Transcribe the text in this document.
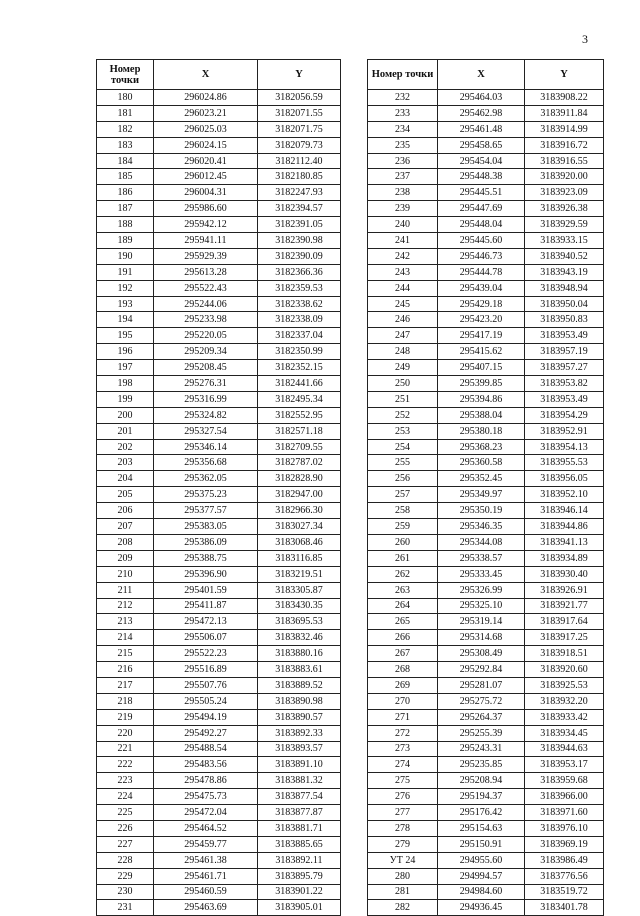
3
Номер точки	X	Y
180	296024.86	3182056.59
181	296023.21	3182071.55
182	296025.03	3182071.75
183	296024.15	3182079.73
184	296020.41	3182112.40
185	296012.45	3182180.85
186	296004.31	3182247.93
187	295986.60	3182394.57
188	295942.12	3182391.05
189	295941.11	3182390.98
190	295929.39	3182390.09
191	295613.28	3182366.36
192	295522.43	3182359.53
193	295244.06	3182338.62
194	295233.98	3182338.09
195	295220.05	3182337.04
196	295209.34	3182350.99
197	295208.45	3182352.15
198	295276.31	3182441.66
199	295316.99	3182495.34
200	295324.82	3182552.95
201	295327.54	3182571.18
202	295346.14	3182709.55
203	295356.68	3182787.02
204	295362.05	3182828.90
205	295375.23	3182947.00
206	295377.57	3182966.30
207	295383.05	3183027.34
208	295386.09	3183068.46
209	295388.75	3183116.85
210	295396.90	3183219.51
211	295401.59	3183305.87
212	295411.87	3183430.35
213	295472.13	3183695.53
214	295506.07	3183832.46
215	295522.23	3183880.16
216	295516.89	3183883.61
217	295507.76	3183889.52
218	295505.24	3183890.98
219	295494.19	3183890.57
220	295492.27	3183892.33
221	295488.54	3183893.57
222	295483.56	3183891.10
223	295478.86	3183881.32
224	295475.73	3183877.54
225	295472.04	3183877.87
226	295464.52	3183881.71
227	295459.77	3183885.65
228	295461.38	3183892.11
229	295461.71	3183895.79
230	295460.59	3183901.22
231	295463.69	3183905.01
Номер точки	X	Y
232	295464.03	3183908.22
233	295462.98	3183911.84
234	295461.48	3183914.99
235	295458.65	3183916.72
236	295454.04	3183916.55
237	295448.38	3183920.00
238	295445.51	3183923.09
239	295447.69	3183926.38
240	295448.04	3183929.59
241	295445.60	3183933.15
242	295446.73	3183940.52
243	295444.78	3183943.19
244	295439.04	3183948.94
245	295429.18	3183950.04
246	295423.20	3183950.83
247	295417.19	3183953.49
248	295415.62	3183957.19
249	295407.15	3183957.27
250	295399.85	3183953.82
251	295394.86	3183953.49
252	295388.04	3183954.29
253	295380.18	3183952.91
254	295368.23	3183954.13
255	295360.58	3183955.53
256	295352.45	3183956.05
257	295349.97	3183952.10
258	295350.19	3183946.14
259	295346.35	3183944.86
260	295344.08	3183941.13
261	295338.57	3183934.89
262	295333.45	3183930.40
263	295326.99	3183926.91
264	295325.10	3183921.77
265	295319.14	3183917.64
266	295314.68	3183917.25
267	295308.49	3183918.51
268	295292.84	3183920.60
269	295281.07	3183925.53
270	295275.72	3183932.20
271	295264.37	3183933.42
272	295255.39	3183934.45
273	295243.31	3183944.63
274	295235.85	3183953.17
275	295208.94	3183959.68
276	295194.37	3183966.00
277	295176.42	3183971.60
278	295154.63	3183976.10
279	295150.91	3183969.19
УТ 24	294955.60	3183986.49
280	294994.57	3183776.56
281	294984.60	3183519.72
282	294936.45	3183401.78
